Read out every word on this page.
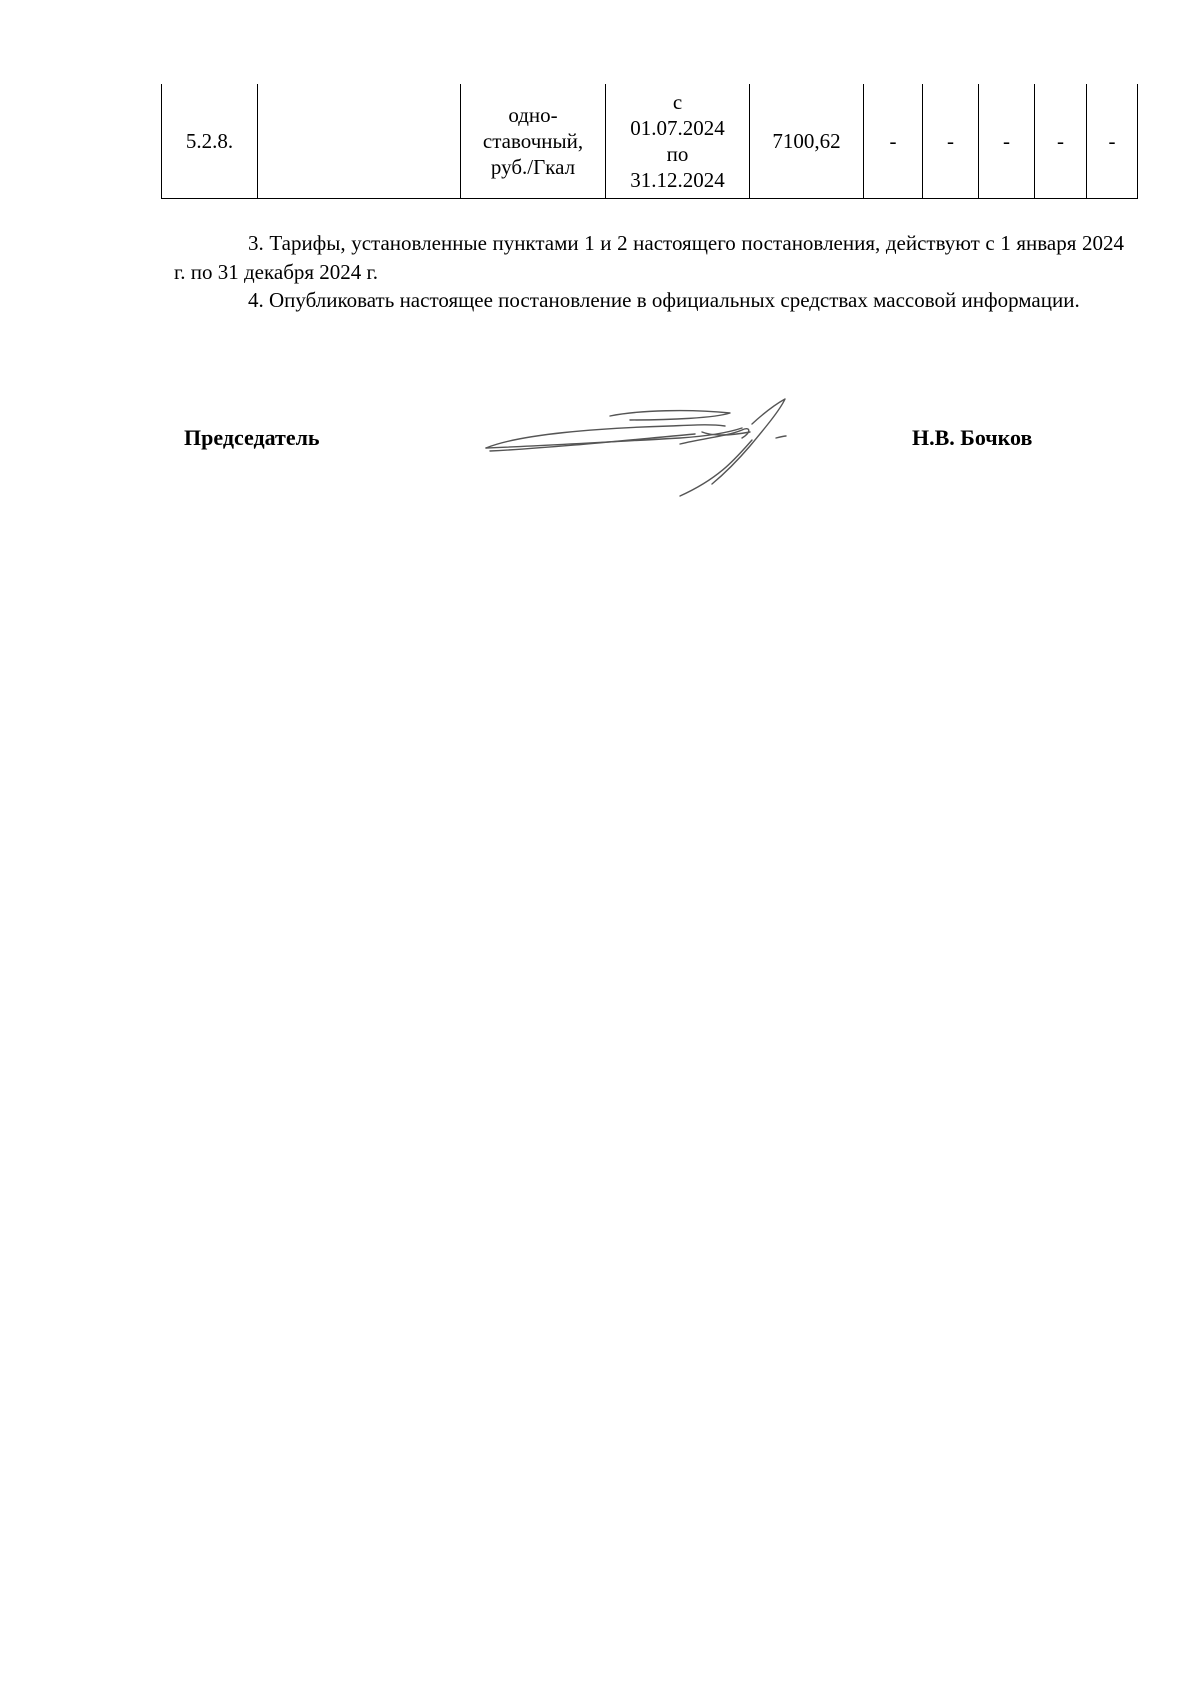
5.2.8.		одно-
ставочный,
руб./Гкал	с
01.07.2024
по
31.12.2024	7100,62	-	-	-	-	-

3. Тарифы, установленные пунктами 1 и 2 настоящего постановления, действуют с 1 января 2024 г. по 31 декабря 2024 г.

4. Опубликовать настоящее постановление в официальных средствах массовой информации.

Председатель	Н.В. Бочков
